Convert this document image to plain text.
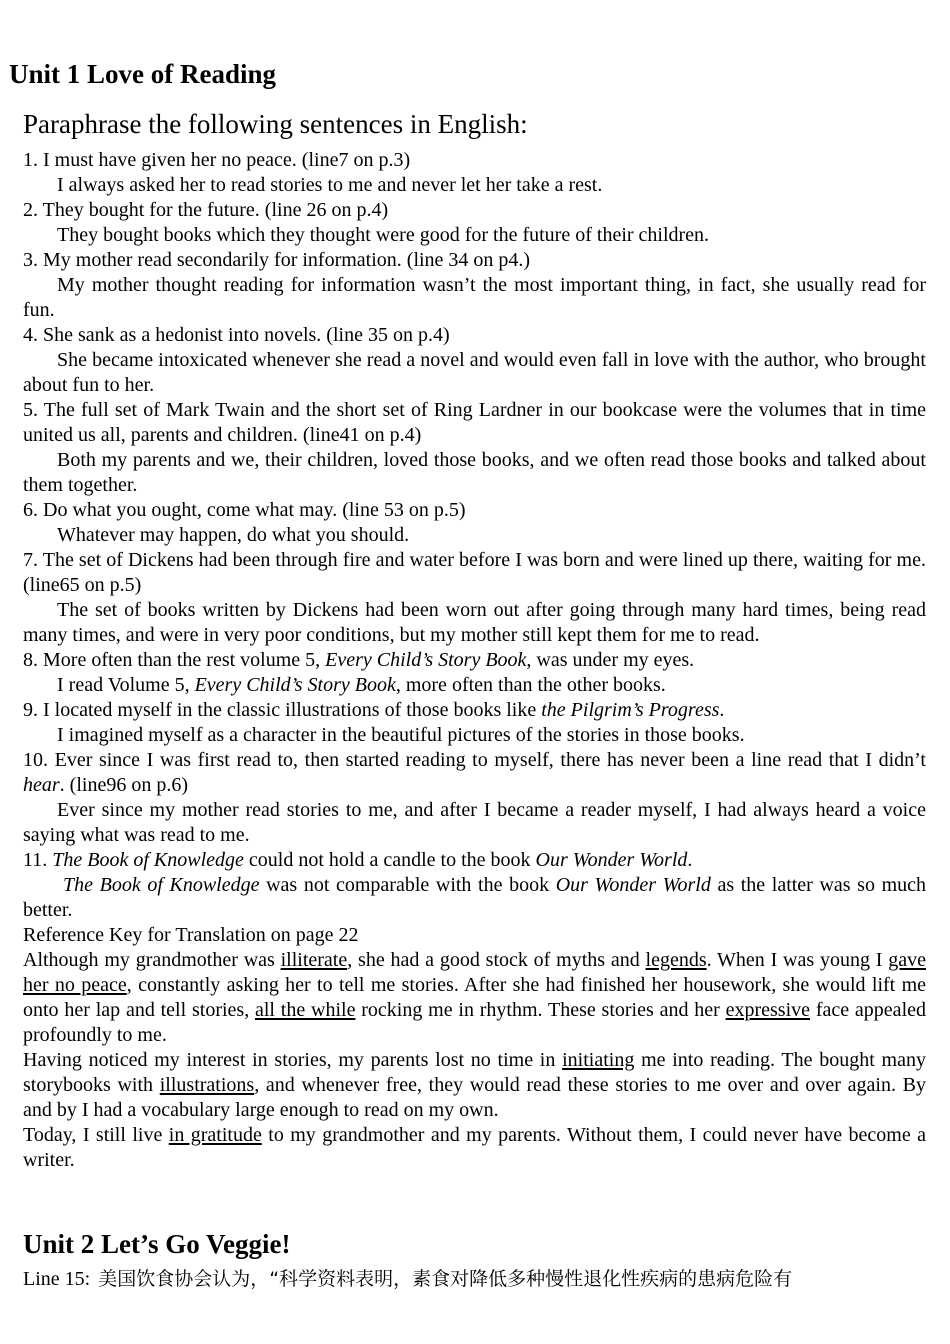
Unit 1 Love of Reading
Paraphrase the following sentences in English:

1. I must have given her no peace. (line7 on p.3)

I always asked her to read stories to me and never let her take a rest.

2. They bought for the future. (line 26 on p.4)

They bought books which they thought were good for the future of their children.

3. My mother read secondarily for information. (line 34 on p4.)

My mother thought reading for information wasn’t the most important thing, in fact, she usually read for fun.

4. She sank as a hedonist into novels. (line 35 on p.4)

She became intoxicated whenever she read a novel and would even fall in love with the author, who brought about fun to her.

5. The full set of Mark Twain and the short set of Ring Lardner in our bookcase were the volumes that in time united us all, parents and children. (line41 on p.4)

Both my parents and we, their children, loved those books, and we often read those books and talked about them together.

6. Do what you ought, come what may. (line 53 on p.5)

Whatever may happen, do what you should.

7. The set of Dickens had been through fire and water before I was born and were lined up there, waiting for me. (line65 on p.5)

The set of books written by Dickens had been worn out after going through many hard times, being read many times, and were in very poor conditions, but my mother still kept them for me to read.

8. More often than the rest volume 5, Every Child’s Story Book, was under my eyes.

I read Volume 5, Every Child’s Story Book, more often than the other books.

9. I located myself in the classic illustrations of those books like the Pilgrim’s Progress.

I imagined myself as a character in the beautiful pictures of the stories in those books.

10. Ever since I was first read to, then started reading to myself, there has never been a line read that I didn’t hear. (line96 on p.6)

Ever since my mother read stories to me, and after I became a reader myself, I had always heard a voice saying what was read to me.

11. The Book of Knowledge could not hold a candle to the book Our Wonder World.

The Book of Knowledge was not comparable with the book Our Wonder World as the latter was so much better.

Reference Key for Translation on page 22

Although my grandmother was illiterate, she had a good stock of myths and legends. When I was young I gave her no peace, constantly asking her to tell me stories. After she had finished her housework, she would lift me onto her lap and tell stories, all the while rocking me in rhythm. These stories and her expressive face appealed profoundly to me.

Having noticed my interest in stories, my parents lost no time in initiating me into reading. The bought many storybooks with illustrations, and whenever free, they would read these stories to me over and over again. By and by I had a vocabulary large enough to read on my own.

Today, I still live in gratitude to my grandmother and my parents. Without them, I could never have become a writer.

Unit 2 Let’s Go Veggie!
Line 15: 美国饮食协会认为，“科学资料表明，素食对降低多种慢性退化性疾病的患病危险有
